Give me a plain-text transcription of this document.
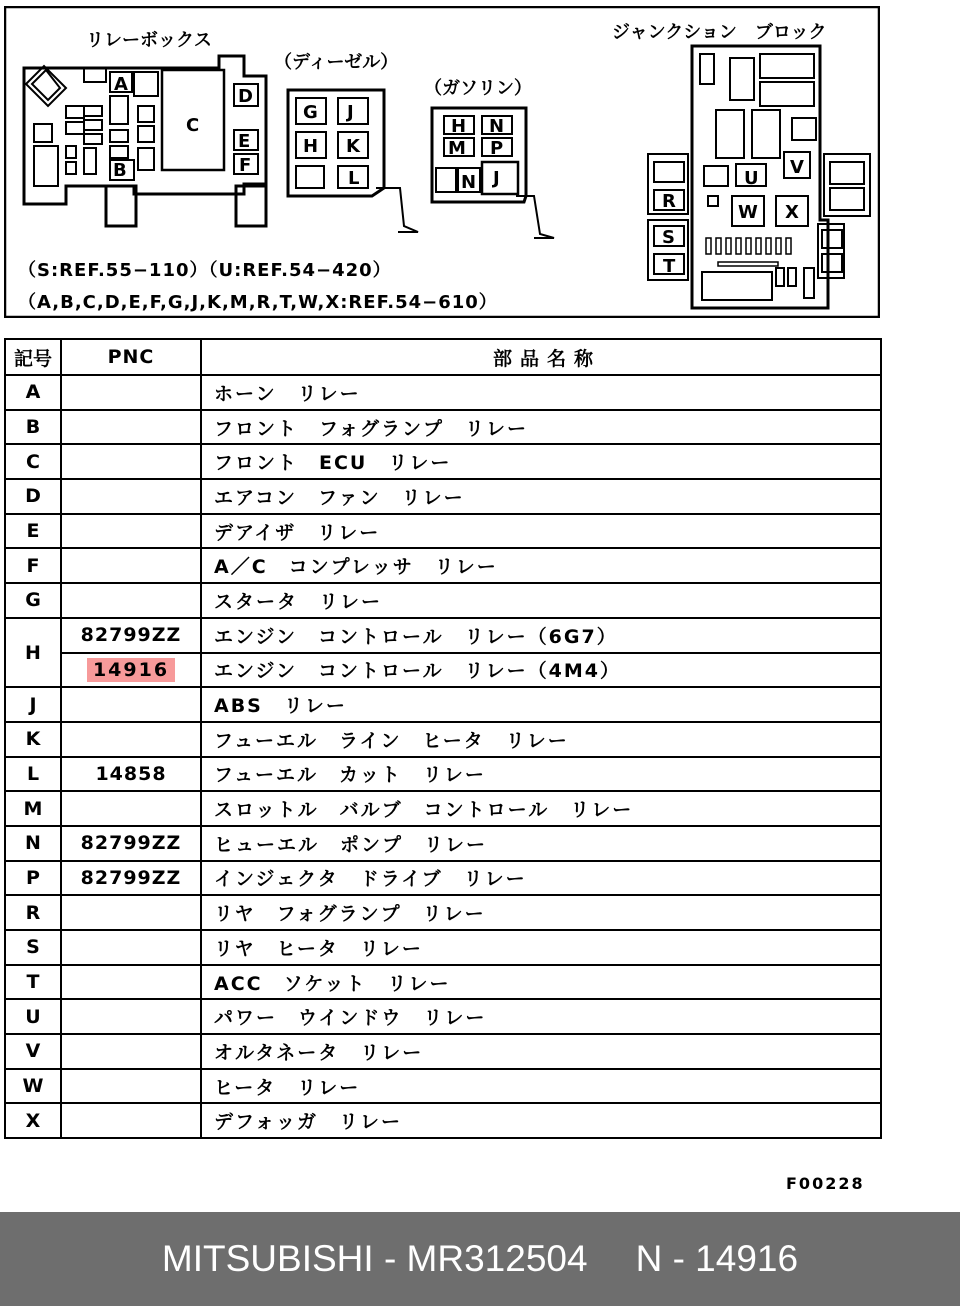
リレーボックス
（ディーゼル）
（ガソリン）
ジャンクション　ブロック
A
B
C
D
E
F
G J
H K
L
H N
M P
N J	U
V
W X
R
S
T
（S:REF.55−110）（U:REF.54−420）
（A,B,C,D,E,F,G,J,K,M,R,T,W,X:REF.54−610）
記号	PNC	部品名称
A		ホーン　リレー
B		フロント　フォグランプ　リレー
C		フロント　ECU　リレー
D		エアコン　ファン　リレー
E		デアイザ　リレー
F		A／C　コンプレッサ　リレー
G		スタータ　リレー
H	82799ZZ	エンジン　コントロール　リレー（6G7）
	14916	エンジン　コントロール　リレー（4M4）
J		ABS　リレー
K		フューエル　ライン　ヒータ　リレー
L	14858	フューエル　カット　リレー
M		スロットル　バルブ　コントロール　リレー
N	82799ZZ	ヒューエル　ポンプ　リレー
P	82799ZZ	インジェクタ　ドライブ　リレー
R		リヤ　フォグランプ　リレー
S		リヤ　ヒータ　リレー
T		ACC　ソケット　リレー
U		パワー　ウインドウ　リレー
V		オルタネータ　リレー
W		ヒータ　リレー
X		デフォッガ　リレー
F00228
MITSUBISHI - MR312504 N - 14916
